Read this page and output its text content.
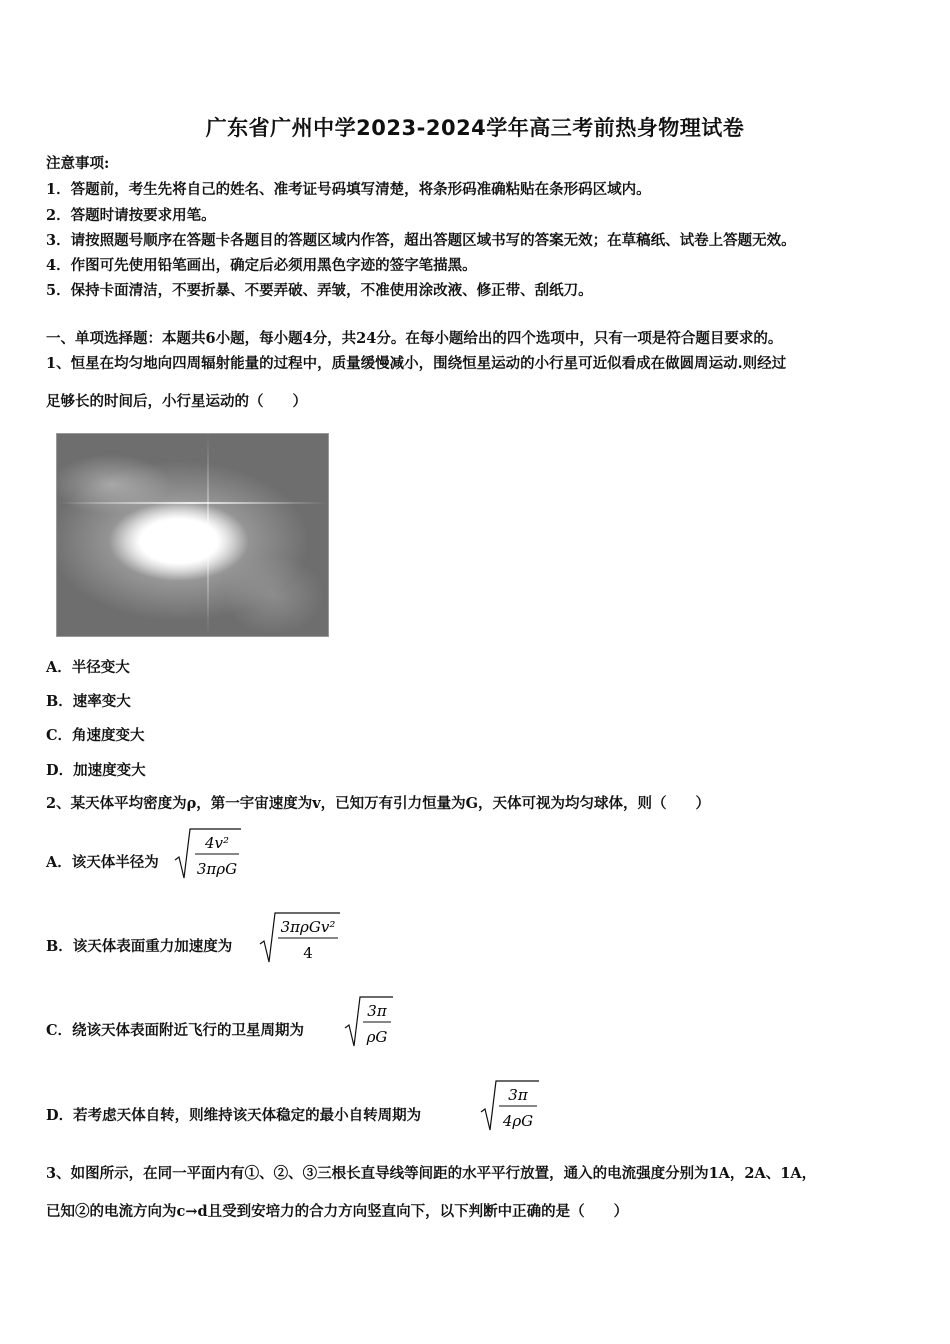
广东省广州中学2023-2024学年高三考前热身物理试卷
注意事项:
1．答题前，考生先将自己的姓名、准考证号码填写清楚，将条形码准确粘贴在条形码区域内。
2．答题时请按要求用笔。
3．请按照题号顺序在答题卡各题目的答题区域内作答，超出答题区域书写的答案无效；在草稿纸、试卷上答题无效。
4．作图可先使用铅笔画出，确定后必须用黑色字迹的签字笔描黑。
5．保持卡面清洁，不要折暴、不要弄破、弄皱，不准使用涂改液、修正带、刮纸刀。
一、单项选择题：本题共6小题，每小题4分，共24分。在每小题给出的四个选项中，只有一项是符合题目要求的。
1、恒星在均匀地向四周辐射能量的过程中，质量缓慢减小，围绕恒星运动的小行星可近似看成在做圆周运动.则经过
足够长的时间后，小行星运动的（　　）
A．半径变大
B．速率变大
C．角速度变大
D．加速度变大
2、某天体平均密度为ρ，第一宇宙速度为v，已知万有引力恒量为G，天体可视为均匀球体，则（　　）
A．该天体半径为
4v²
3πρG
B．该天体表面重力加速度为
3πρGv²
4
C．绕该天体表面附近飞行的卫星周期为
3π
ρG
D．若考虑天体自转，则维持该天体稳定的最小自转周期为
3π
4ρG
3、如图所示，在同一平面内有①、②、③三根长直导线等间距的水平平行放置，通入的电流强度分别为1A，2A、1A，
已知②的电流方向为c→d且受到安培力的合力方向竖直向下，以下判断中正确的是（　　）
